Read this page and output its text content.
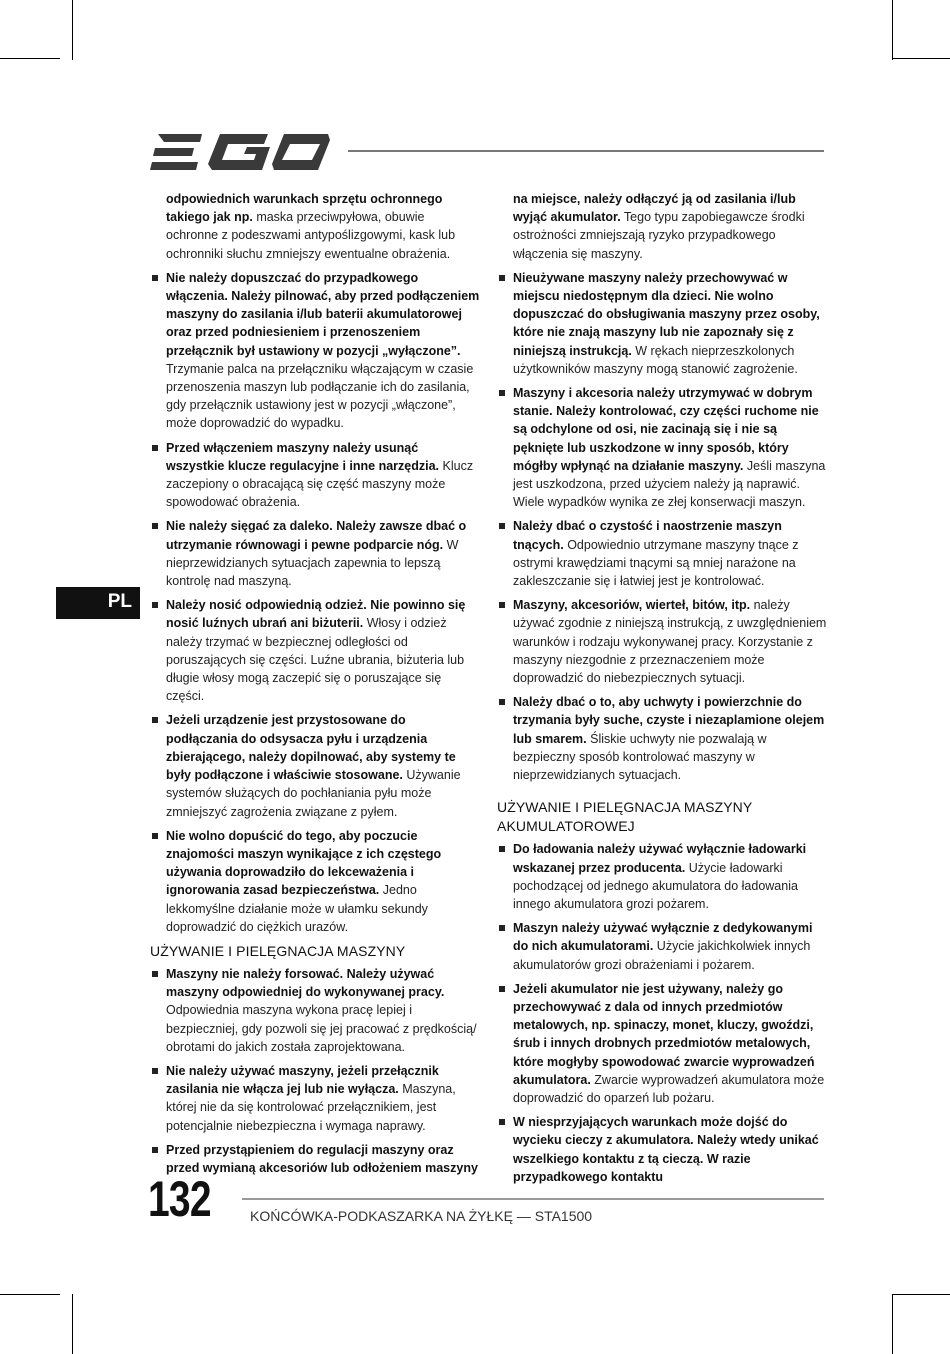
PL

odpowiednich warunkach sprzętu ochronnego takiego jak np. maska przeciwpyłowa, obuwie ochronne z podeszwami antypoślizgowymi, kask lub ochronniki słuchu zmniejszy ewentualne obrażenia.

Nie należy dopuszczać do przypadkowego włączenia. Należy pilnować, aby przed podłączeniem maszyny do zasilania i/lub baterii akumulatorowej oraz przed podniesieniem i przenoszeniem przełącznik był ustawiony w pozycji „wyłączone”. Trzymanie palca na przełączniku włączającym w czasie przenoszenia maszyn lub podłączanie ich do zasilania, gdy przełącznik ustawiony jest w pozycji „włączone”, może doprowadzić do wypadku.
Przed włączeniem maszyny należy usunąć wszystkie klucze regulacyjne i inne narzędzia. Klucz zaczepiony o obracającą się część maszyny może spowodować obrażenia.
Nie należy sięgać za daleko. Należy zawsze dbać o utrzymanie równowagi i pewne podparcie nóg. W nieprzewidzianych sytuacjach zapewnia to lepszą kontrolę nad maszyną.
Należy nosić odpowiednią odzież. Nie powinno się nosić luźnych ubrań ani biżuterii. Włosy i odzież należy trzymać w bezpiecznej odległości od poruszających się części. Luźne ubrania, biżuteria lub długie włosy mogą zaczepić się o poruszające się części.
Jeżeli urządzenie jest przystosowane do podłączania do odsysacza pyłu i urządzenia zbierającego, należy dopilnować, aby systemy te były podłączone i właściwie stosowane. Używanie systemów służących do pochłaniania pyłu może zmniejszyć zagrożenia związane z pyłem.
Nie wolno dopuścić do tego, aby poczucie znajomości maszyn wynikające z ich częstego używania doprowadziło do lekceważenia i ignorowania zasad bezpieczeństwa. Jedno lekkomyślne działanie może w ułamku sekundy doprowadzić do ciężkich urazów.
UŻYWANIE I PIELĘGNACJA MASZYNY
Maszyny nie należy forsować. Należy używać maszyny odpowiedniej do wykonywanej pracy. Odpowiednia maszyna wykona pracę lepiej i bezpieczniej, gdy pozwoli się jej pracować z prędkością/ obrotami do jakich została zaprojektowana.
Nie należy używać maszyny, jeżeli przełącznik zasilania nie włącza jej lub nie wyłącza. Maszyna, której nie da się kontrolować przełącznikiem, jest potencjalnie niebezpieczna i wymaga naprawy.
Przed przystąpieniem do regulacji maszyny oraz przed wymianą akcesoriów lub odłożeniem maszyny

na miejsce, należy odłączyć ją od zasilania i/lub wyjąć akumulator. Tego typu zapobiegawcze środki ostrożności zmniejszają ryzyko przypadkowego włączenia się maszyny.

Nieużywane maszyny należy przechowywać w miejscu niedostępnym dla dzieci. Nie wolno dopuszczać do obsługiwania maszyny przez osoby, które nie znają maszyny lub nie zapoznały się z niniejszą instrukcją. W rękach nieprzeszkolonych użytkowników maszyny mogą stanowić zagrożenie.
Maszyny i akcesoria należy utrzymywać w dobrym stanie. Należy kontrolować, czy części ruchome nie są odchylone od osi, nie zacinają się i nie są pęknięte lub uszkodzone w inny sposób, który mógłby wpłynąć na działanie maszyny. Jeśli maszyna jest uszkodzona, przed użyciem należy ją naprawić. Wiele wypadków wynika ze złej konserwacji maszyn.
Należy dbać o czystość i naostrzenie maszyn tnących. Odpowiednio utrzymane maszyny tnące z ostrymi krawędziami tnącymi są mniej narażone na zakleszczanie się i łatwiej jest je kontrolować.
Maszyny, akcesoriów, wierteł, bitów, itp. należy używać zgodnie z niniejszą instrukcją, z uwzględnieniem warunków i rodzaju wykonywanej pracy. Korzystanie z maszyny niezgodnie z przeznaczeniem może doprowadzić do niebezpiecznych sytuacji.
Należy dbać o to, aby uchwyty i powierzchnie do trzymania były suche, czyste i niezaplamione olejem lub smarem. Śliskie uchwyty nie pozwalają w bezpieczny sposób kontrolować maszyny w nieprzewidzianych sytuacjach.
UŻYWANIE I PIELĘGNACJA MASZYNY AKUMULATOROWEJ
Do ładowania należy używać wyłącznie ładowarki wskazanej przez producenta. Użycie ładowarki pochodzącej od jednego akumulatora do ładowania innego akumulatora grozi pożarem.
Maszyn należy używać wyłącznie z dedykowanymi do nich akumulatorami. Użycie jakichkolwiek innych akumulatorów grozi obrażeniami i pożarem.
Jeżeli akumulator nie jest używany, należy go przechowywać z dala od innych przedmiotów metalowych, np. spinaczy, monet, kluczy, gwoździ, śrub i innych drobnych przedmiotów metalowych, które mogłyby spowodować zwarcie wyprowadzeń akumulatora. Zwarcie wyprowadzeń akumulatora może doprowadzić do oparzeń lub pożaru.
W niesprzyjających warunkach może dojść do wycieku cieczy z akumulatora. Należy wtedy unikać wszelkiego kontaktu z tą cieczą. W razie przypadkowego kontaktu
132	KOŃCÓWKA-PODKASZARKA NA ŻYŁKĘ — STA1500
